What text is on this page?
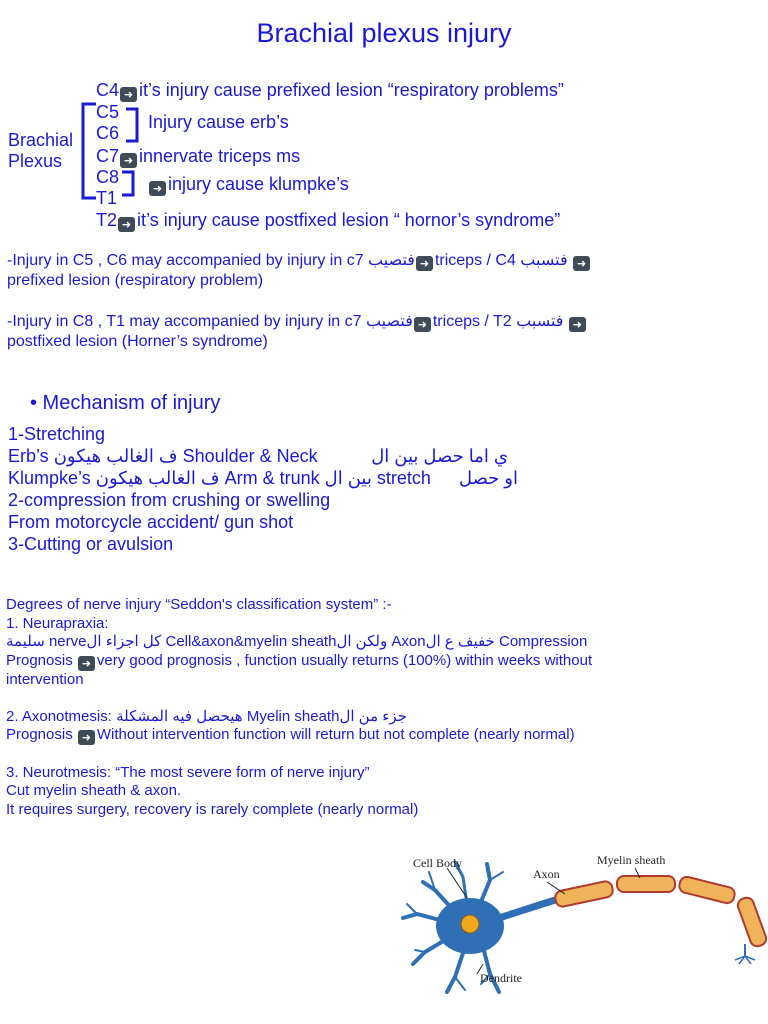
Brachial plexus injury
Brachial
Plexus
C4 ➜ it’s injury cause prefixed lesion “respiratory problems”
C5
C6
Injury cause erb’s
C7 ➜ innervate triceps ms
C8
T1	➜ injury cause klumpke’s
T2 ➜ it’s injury cause postfixed lesion “ hornor’s syndrome”
-Injury in C5 , C6 may accompanied by injury in c7 فتصيب ➜ triceps / C4 فتسبب ➜
prefixed lesion (respiratory problem)
-Injury in C8 , T1 may accompanied by injury in c7 فتصيب ➜ triceps / T2 فتسبب ➜
postfixed lesion (Horner’s syndrome)
• Mechanism of injury
1-Stretching
ي اما حصل بين ال
Erb’s ف الغالب هيكون Shoulder & Neck
او حصل
Klumpke’s ف الغالب هيكون Arm & trunk بين ال stretch
2-compression from crushing or swelling
From motorcycle accident/ gun shot
3-Cutting or avulsion
Degrees of nerve injury “Seddon's classification system” :-
1. Neurapraxia:
سليمة nerveكل اجزاء ال Cell&axon&myelin sheathولكن ال Axonخفيف ع ال Compression
Prognosis ➜ very good prognosis , function usually returns (100%) within weeks without
intervention
2. Axonotmesis: هيحصل فيه المشكلة Myelin sheathجزء من ال
Prognosis ➜ Without intervention function will return but not complete (nearly normal)
3. Neurotmesis: “The most severe form of nerve injury”
Cut myelin sheath & axon.
It requires surgery, recovery is rarely complete (nearly normal)
Cell Body
Axon
Myelin sheath
Dendrite
